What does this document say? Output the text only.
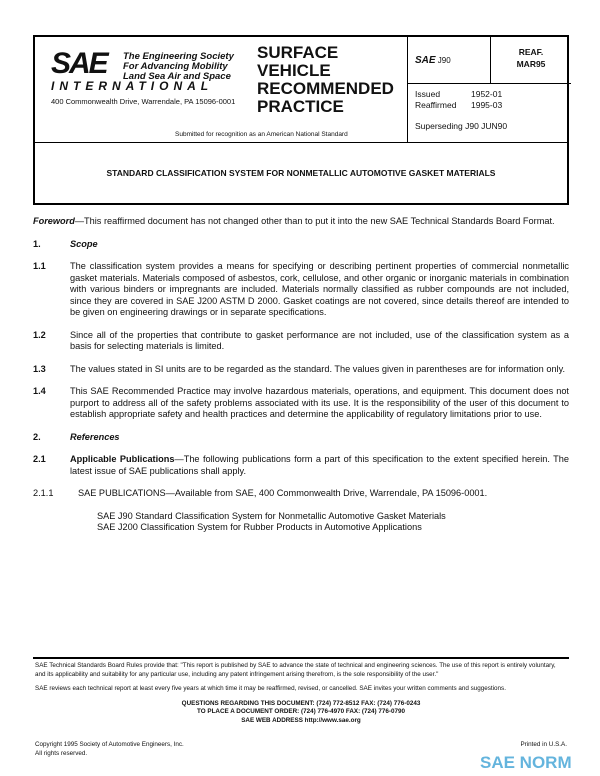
SAE The Engineering Society
For Advancing Mobility
Land Sea Air and Space
INTERNATIONAL
400 Commonwealth Drive, Warrendale, PA 15096-0001
SURFACE
VEHICLE
RECOMMENDED
PRACTICE
Submitted for recognition as an American National Standard
SAE J90
REAF.
MAR95
Issued	1952-01
Reaffirmed 1995-03
Superseding J90 JUN90
STANDARD CLASSIFICATION SYSTEM FOR NONMETALLIC AUTOMOTIVE GASKET MATERIALS
Foreword—This reaffirmed document has not changed other than to put it into the new SAE Technical Standards Board Format.
1.	Scope
1.1	The classification system provides a means for specifying or describing pertinent properties of commercial nonmetallic gasket materials. Materials composed of asbestos, cork, cellulose, and other organic or inorganic materials in combination with various binders or impregnants are included. Materials normally classified as rubber compounds are not included, since they are covered in SAE J200 ASTM D 2000. Gasket coatings are not covered, since details thereof are intended to be given on engineering drawings or in separate specifications.
1.2	Since all of the properties that contribute to gasket performance are not included, use of the classification system as a basis for selecting materials is limited.
1.3	The values stated in SI units are to be regarded as the standard. The values given in parentheses are for information only.
1.4	This SAE Recommended Practice may involve hazardous materials, operations, and equipment. This document does not purport to address all of the safety problems associated with its use. It is the responsibility of the user of this document to establish appropriate safety and health practices and determine the applicability of regulatory limitations prior to use.
2.	References
2.1	Applicable Publications—The following publications form a part of this specification to the extent specified herein. The latest issue of SAE publications shall apply.
2.1.1	SAE PUBLICATIONS—Available from SAE, 400 Commonwealth Drive, Warrendale, PA 15096-0001.
SAE J90 Standard Classification System for Nonmetallic Automotive Gasket Materials
SAE J200 Classification System for Rubber Products in Automotive Applications
SAE Technical Standards Board Rules provide that: "This report is published by SAE to advance the state of technical and engineering sciences. The use of this report is entirely voluntary, and its applicability and suitability for any particular use, including any patent infringement arising therefrom, is the sole responsibility of the user."
SAE reviews each technical report at least every five years at which time it may be reaffirmed, revised, or cancelled. SAE invites your written comments and suggestions.
QUESTIONS REGARDING THIS DOCUMENT: (724) 772-8512 FAX: (724) 776-0243
TO PLACE A DOCUMENT ORDER: (724) 776-4970 FAX: (724) 776-0790
SAE WEB ADDRESS http://www.sae.org
Copyright 1995 Society of Automotive Engineers, Inc.
All rights reserved.
Printed in U.S.A.
SAE NORM
